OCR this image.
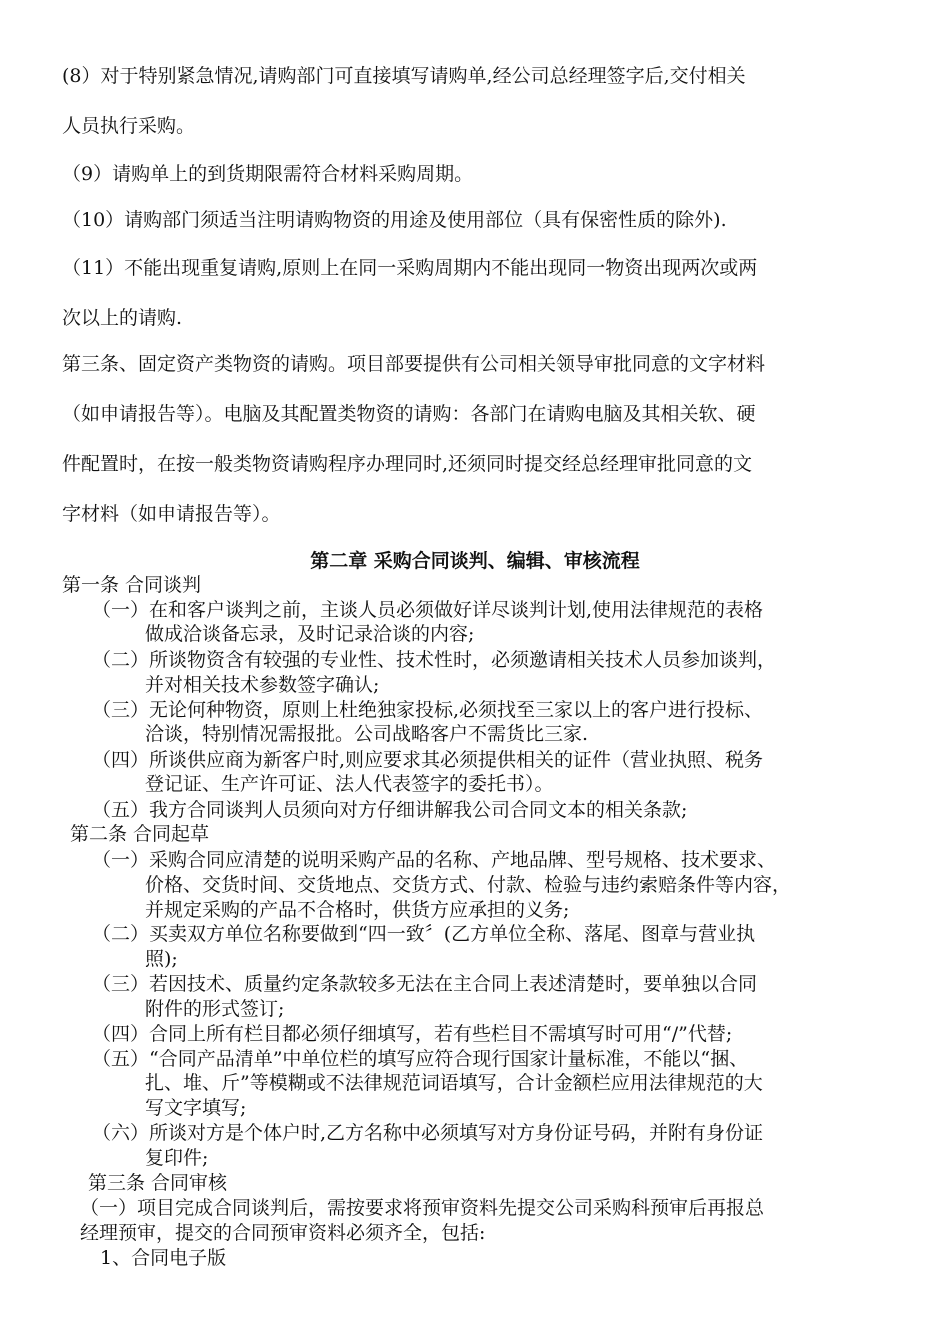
(8）对于特别紧急情况,请购部门可直接填写请购单,经公司总经理签字后,交付相关
人员执行采购。
（9）请购单上的到货期限需符合材料采购周期。
（10）请购部门须适当注明请购物资的用途及使用部位（具有保密性质的除外).
（11）不能出现重复请购,原则上在同一采购周期内不能出现同一物资出现两次或两
次以上的请购.
第三条、固定资产类物资的请购。项目部要提供有公司相关领导审批同意的文字材料
（如申请报告等）。电脑及其配置类物资的请购：各部门在请购电脑及其相关软、硬
件配置时，在按一般类物资请购程序办理同时,还须同时提交经总经理审批同意的文
字材料（如申请报告等）。
第二章 采购合同谈判、编辑、审核流程
第一条 合同谈判
（一）在和客户谈判之前，主谈人员必须做好详尽谈判计划,使用法律规范的表格
做成洽谈备忘录，及时记录洽谈的内容;
（二）所谈物资含有较强的专业性、技术性时，必须邀请相关技术人员参加谈判，
并对相关技术参数签字确认;
（三）无论何种物资，原则上杜绝独家投标,必须找至三家以上的客户进行投标、
洽谈，特别情况需报批。公司战略客户不需货比三家.
（四）所谈供应商为新客户时,则应要求其必须提供相关的证件（营业执照、税务
登记证、生产许可证、法人代表签字的委托书）。
（五）我方合同谈判人员须向对方仔细讲解我公司合同文本的相关条款;
第二条 合同起草
（一）采购合同应清楚的说明采购产品的名称、产地品牌、型号规格、技术要求、
价格、交货时间、交货地点、交货方式、付款、检验与违约索赔条件等内容，
并规定采购的产品不合格时，供货方应承担的义务;
（二）买卖双方单位名称要做到“四一致〞(乙方单位全称、落尾、图章与营业执
照);
（三）若因技术、质量约定条款较多无法在主合同上表述清楚时，要单独以合同
附件的形式签订;
（四）合同上所有栏目都必须仔细填写，若有些栏目不需填写时可用“/”代替;
（五）“合同产品清单”中单位栏的填写应符合现行国家计量标准，不能以“捆、
扎、堆、斤”等模糊或不法律规范词语填写，合计金额栏应用法律规范的大
写文字填写;
（六）所谈对方是个体户时,乙方名称中必须填写对方身份证号码，并附有身份证
复印件;
第三条 合同审核
（一）项目完成合同谈判后，需按要求将预审资料先提交公司采购科预审后再报总
经理预审，提交的合同预审资料必须齐全，包括:
1、合同电子版
